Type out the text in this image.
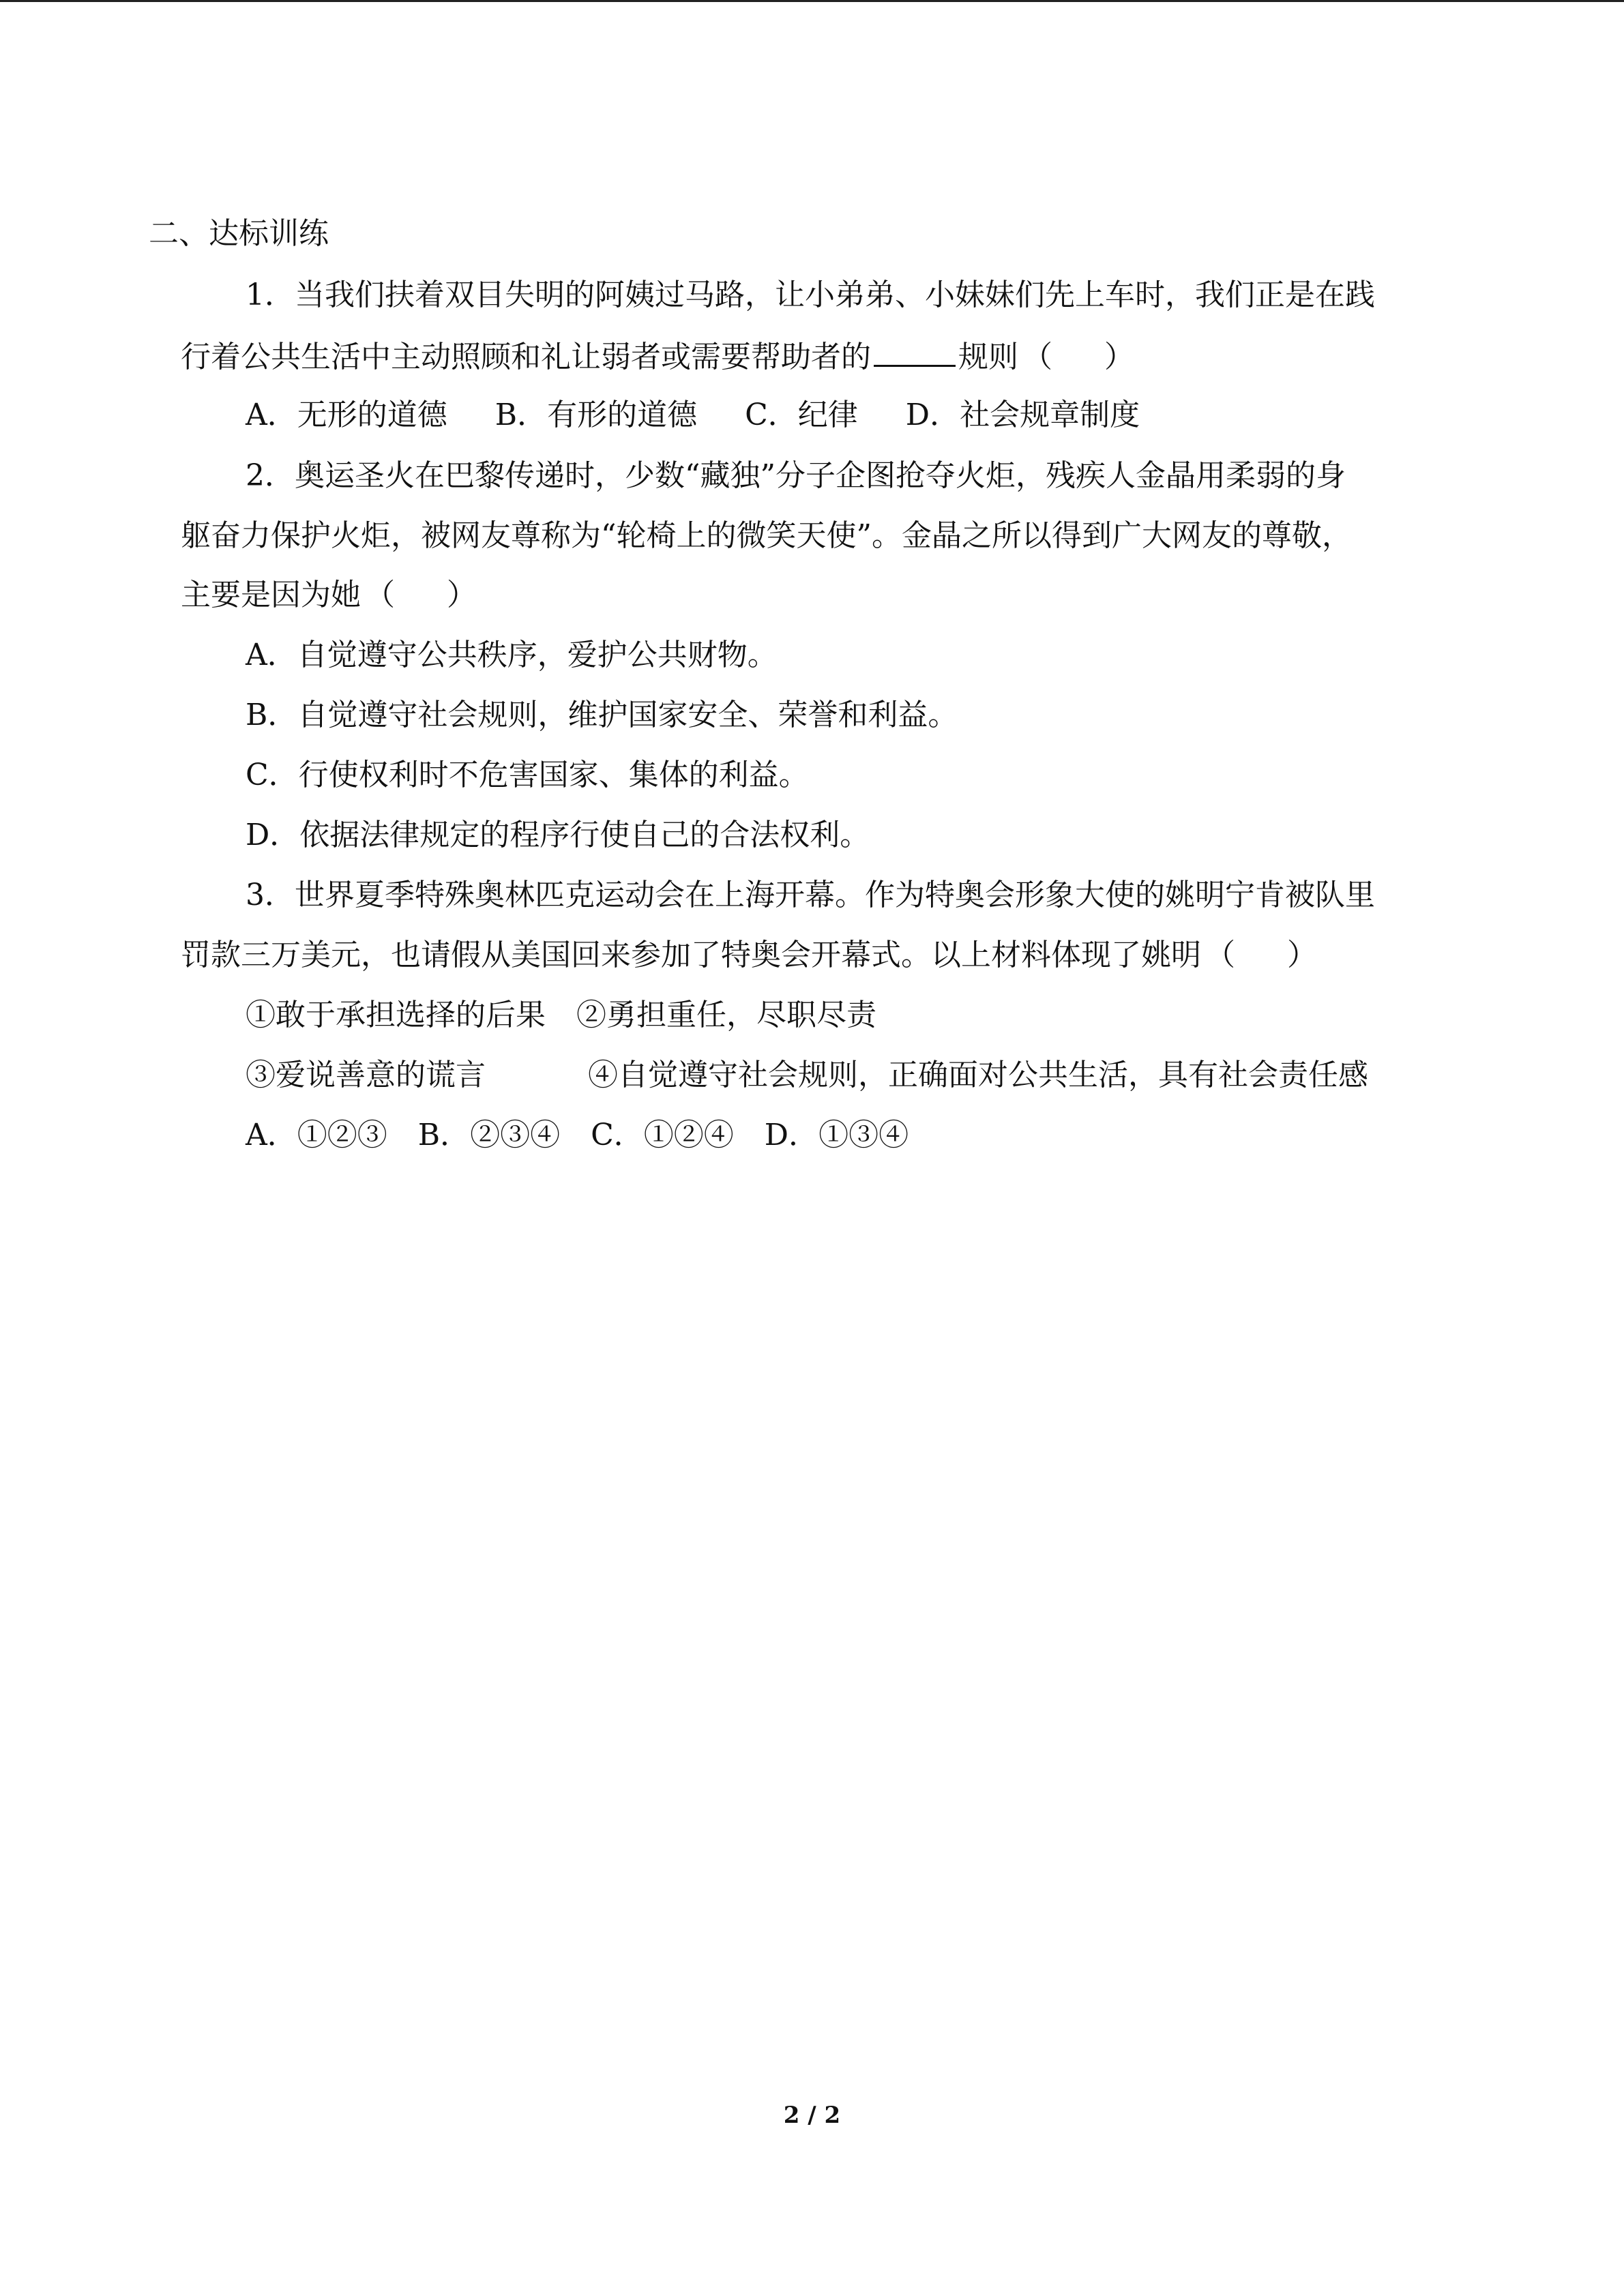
二、达标训练
1．当我们扶着双目失明的阿姨过马路，让小弟弟、小妹妹们先上车时，我们正是在践
行着公共生活中主动照顾和礼让弱者或需要帮助者的	规则 （ ）
A．无形的道德 B．有形的道德 C．纪律 D．社会规章制度
2．奥运圣火在巴黎传递时，少数“藏独”分子企图抢夺火炬，残疾人金晶用柔弱的身
躯奋力保护火炬，被网友尊称为“轮椅上的微笑天使”。金晶之所以得到广大网友的尊敬，
主要是因为她 （ ）
A．自觉遵守公共秩序，爱护公共财物。
B．自觉遵守社会规则，维护国家安全、荣誉和利益。
C．行使权利时不危害国家、集体的利益。
D．依据法律规定的程序行使自己的合法权利。
3．世界夏季特殊奥林匹克运动会在上海开幕。作为特奥会形象大使的姚明宁肯被队里
罚款三万美元，也请假从美国回来参加了特奥会开幕式。以上材料体现了姚明 （ ）
①敢于承担选择的后果 ②勇担重任，尽职尽责
③爱说善意的谎言	④自觉遵守社会规则，正确面对公共生活，具有社会责任感
A．①②③ B．②③④ C．①②④ D．①③④
2 / 2
